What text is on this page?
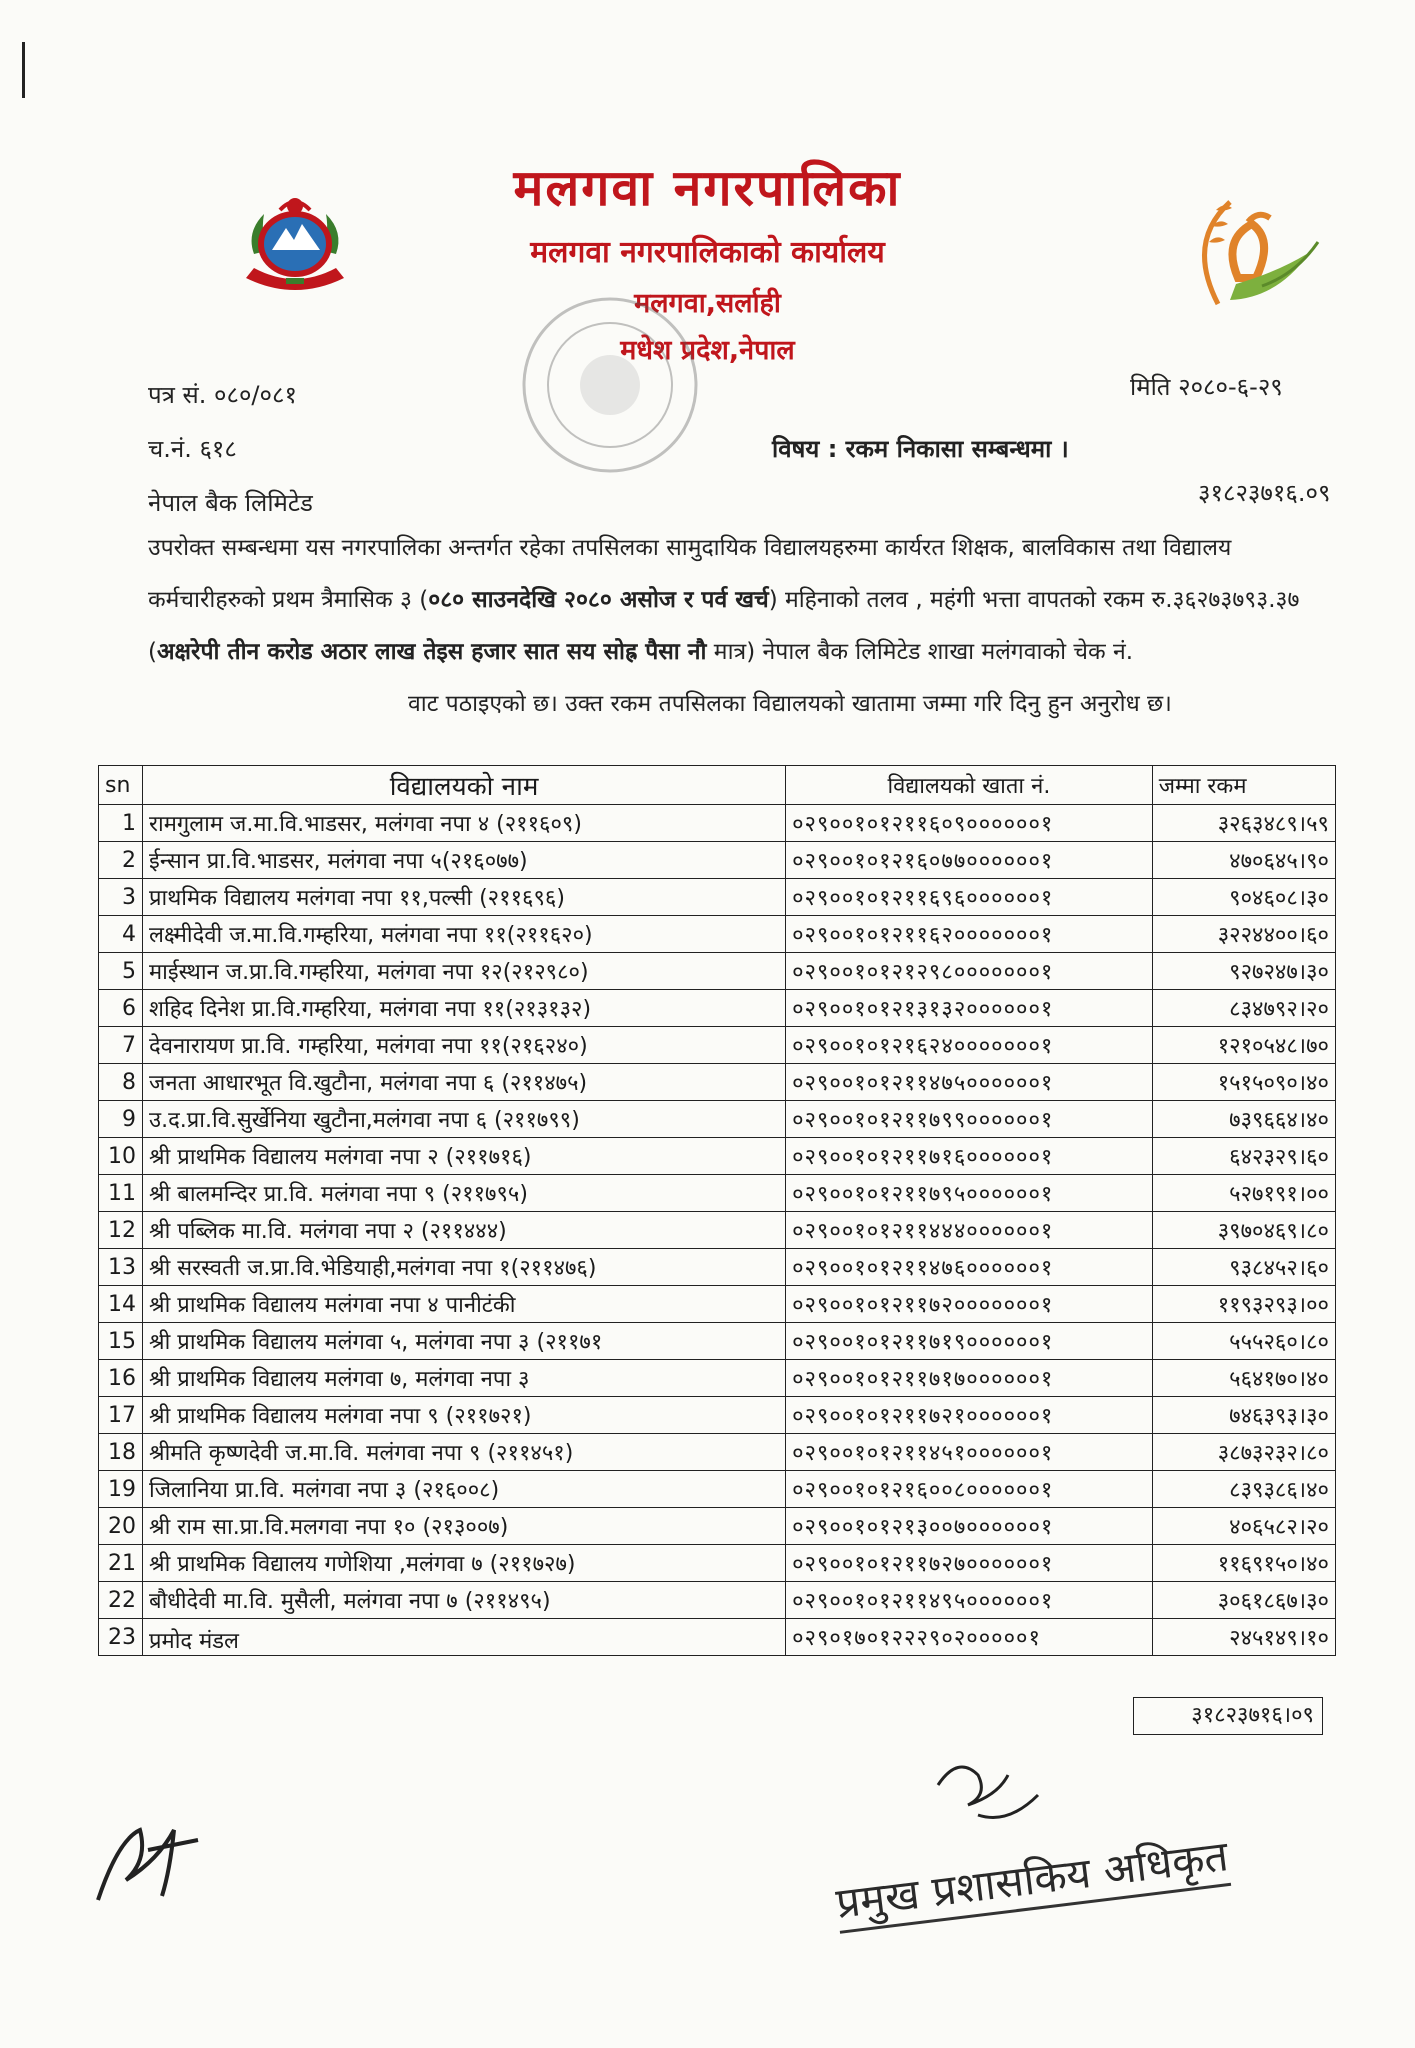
मलगवा नगरपालिका
मलगवा नगरपालिकाको कार्यालय
मलगवा,सर्लाही
मधेश प्रदेश,नेपाल
पत्र सं. ०८०/०८१	मिति २०८०-६-२९
च.नं. ६१८	विषय : रकम निकासा सम्बन्धमा ।
नेपाल बैक लिमिटेड	३१८२३७१६.०९
उपरोक्त सम्बन्धमा यस नगरपालिका अन्तर्गत रहेका तपसिलका सामुदायिक विद्यालयहरुमा कार्यरत शिक्षक, बालविकास तथा विद्यालय कर्मचारीहरुको प्रथम त्रैमासिक ३ (०८० साउनदेखि २०८० असोज र पर्व खर्च) महिनाको तलव , महंगी भत्ता वापतको रकम रु.३६२७३७९३.३७ (अक्षरेपी तीन करोड अठार लाख तेइस हजार सात सय सोह्र पैसा नौ मात्र) नेपाल बैक लिमिटेड शाखा मलंगवाको चेक नं.वाट पठाइएको छ। उक्त रकम तपसिलका विद्यालयको खातामा जम्मा गरि दिनु हुन अनुरोध छ।
sn	विद्यालयको नाम	विद्यालयको खाता नं.	जम्मा रकम
1	रामगुलाम ज.मा.वि.भाडसर, मलंगवा नपा ४ (२११६०९)	०२९००१०१२११६०९००००००१	३२६३४८९।५९
2	ईन्सान प्रा.वि.भाडसर, मलंगवा नपा ५(२१६०७७)	०२९००१०१२१६०७७००००००१	४७०६४५।९०
3	प्राथमिक विद्यालय मलंगवा नपा ११,पल्सी (२११६९६)	०२९००१०१२११६९६००००००१	९०४६०८।३०
4	लक्ष्मीदेवी ज.मा.वि.गम्हरिया, मलंगवा नपा ११(२११६२०)	०२९००१०१२११६२०००००००१	३२२४४००।६०
5	माईस्थान ज.प्रा.वि.गम्हरिया, मलंगवा नपा १२(२१२९८०)	०२९००१०१२१२९८०००००००१	९२७२४७।३०
6	शहिद दिनेश प्रा.वि.गम्हरिया, मलंगवा नपा ११(२१३१३२)	०२९००१०१२१३१३२००००००१	८३४७९२।२०
7	देवनारायण प्रा.वि. गम्हरिया, मलंगवा नपा ११(२१६२४०)	०२९००१०१२१६२४०००००००१	१२१०५४८।७०
8	जनता आधारभूत वि.खुटौना, मलंगवा नपा ६ (२११४७५)	०२९००१०१२११४७५००००००१	१५१५०९०।४०
9	उ.द.प्रा.वि.सुर्खेनिया खुटौना,मलंगवा नपा ६ (२११७९९)	०२९००१०१२११७९९००००००१	७३९६६४।४०
10	श्री प्राथमिक विद्यालय मलंगवा नपा २ (२११७१६)	०२९००१०१२११७१६००००००१	६४२३२९।६०
11	श्री बालमन्दिर प्रा.वि. मलंगवा नपा ९ (२११७९५)	०२९००१०१२११७९५००००००१	५२७१९१।००
12	श्री पब्लिक मा.वि. मलंगवा नपा २ (२११४४४)	०२९००१०१२११४४४००००००१	३९७०४६९।८०
13	श्री सरस्वती ज.प्रा.वि.भेडियाही,मलंगवा नपा १(२११४७६)	०२९००१०१२११४७६००००००१	९३८४५२।६०
14	श्री प्राथमिक विद्यालय मलंगवा नपा ४ पानीटंकी	०२९००१०१२११७२०००००००१	११९३२९३।००
15	श्री प्राथमिक विद्यालय मलंगवा ५, मलंगवा नपा ३ (२११७१	०२९००१०१२११७१९००००००१	५५५२६०।८०
16	श्री प्राथमिक विद्यालय मलंगवा ७, मलंगवा नपा ३	०२९००१०१२११७१७००००००१	५६४१७०।४०
17	श्री प्राथमिक विद्यालय मलंगवा नपा ९ (२११७२१)	०२९००१०१२११७२१००००००१	७४६३९३।३०
18	श्रीमति कृष्णदेवी ज.मा.वि. मलंगवा नपा ९ (२११४५१)	०२९००१०१२११४५१००००००१	३८७३२३२।८०
19	जिलानिया प्रा.वि. मलंगवा नपा ३ (२१६००८)	०२९००१०१२१६००८००००००१	८३९३८६।४०
20	श्री राम सा.प्रा.वि.मलगवा नपा १० (२१३००७)	०२९००१०१२१३००७००००००१	४०६५८२।२०
21	श्री प्राथमिक विद्यालय गणेशिया ,मलंगवा ७ (२११७२७)	०२९००१०१२११७२७००००००१	११६९१५०।४०
22	बौधीदेवी मा.वि. मुसैली, मलंगवा नपा ७ (२११४९५)	०२९००१०१२११४९५००००००१	३०६१८६७।३०
23	प्रमोद मंडल	०२९०१७०१२२२९०२०००००१	२४५१४९।१०
३१८२३७१६।०९
प्रमुख प्रशासकिय अधिकृत
